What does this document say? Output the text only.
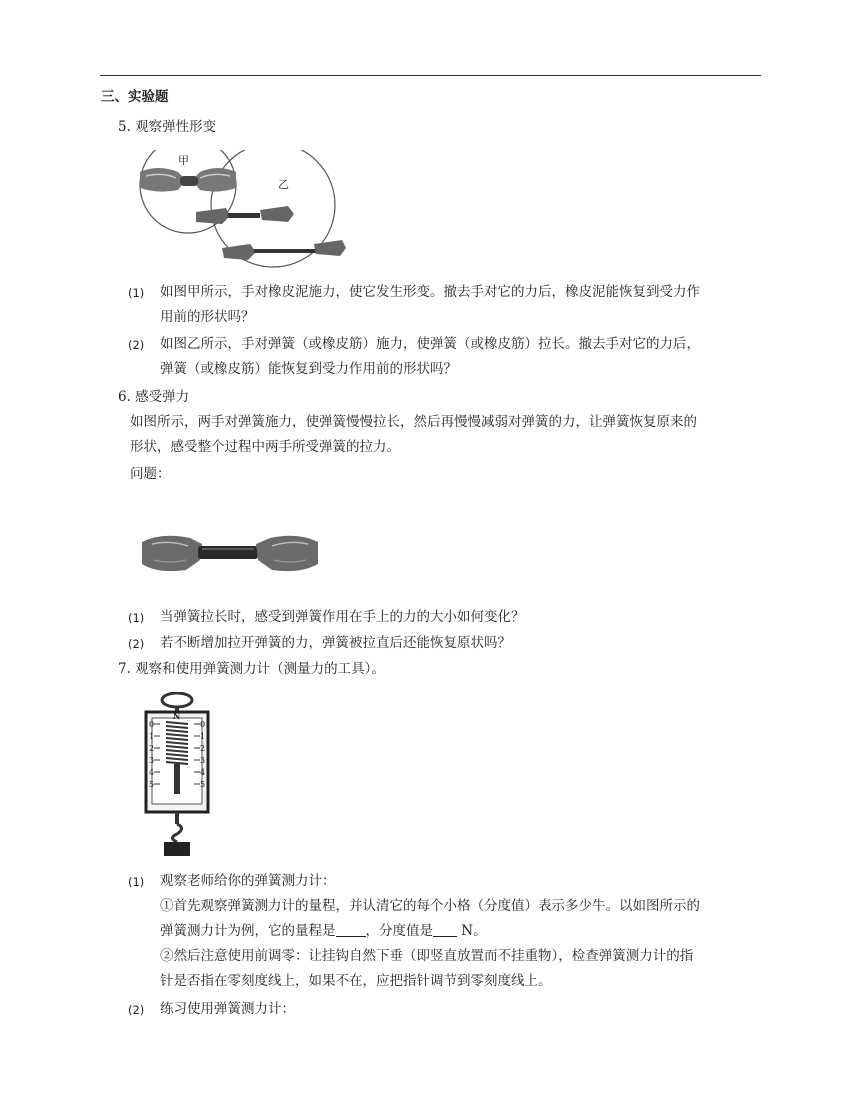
三、实验题
5. 观察弹性形变
甲
乙
(1) 如图甲所示，手对橡皮泥施力，使它发生形变。撤去手对它的力后，橡皮泥能恢复到受力作
用前的形状吗？
(2) 如图乙所示，手对弹簧（或橡皮筋）施力，使弹簧（或橡皮筋）拉长。撤去手对它的力后，
弹簧（或橡皮筋）能恢复到受力作用前的形状吗？
6. 感受弹力
如图所示，两手对弹簧施力，使弹簧慢慢拉长，然后再慢慢减弱对弹簧的力，让弹簧恢复原来的
形状，感受整个过程中两手所受弹簧的拉力。
问题：
(1) 当弹簧拉长时，感受到弹簧作用在手上的力的大小如何变化？
(2) 若不断增加拉开弹簧的力，弹簧被拉直后还能恢复原状吗？
7. 观察和使用弹簧测力计（测量力的工具）。
N
0
1
2
3
4
5
0
1
2
3
4
5
(1) 观察老师给你的弹簧测力计：
①首先观察弹簧测力计的量程，并认清它的每个小格（分度值）表示多少牛。以如图所示的
弹簧测力计为例，它的量程是 ，分度值是 N。
②然后注意使用前调零：让挂钩自然下垂（即竖直放置而不挂重物），检查弹簧测力计的指
针是否指在零刻度线上，如果不在，应把指针调节到零刻度线上。
(2) 练习使用弹簧测力计：
